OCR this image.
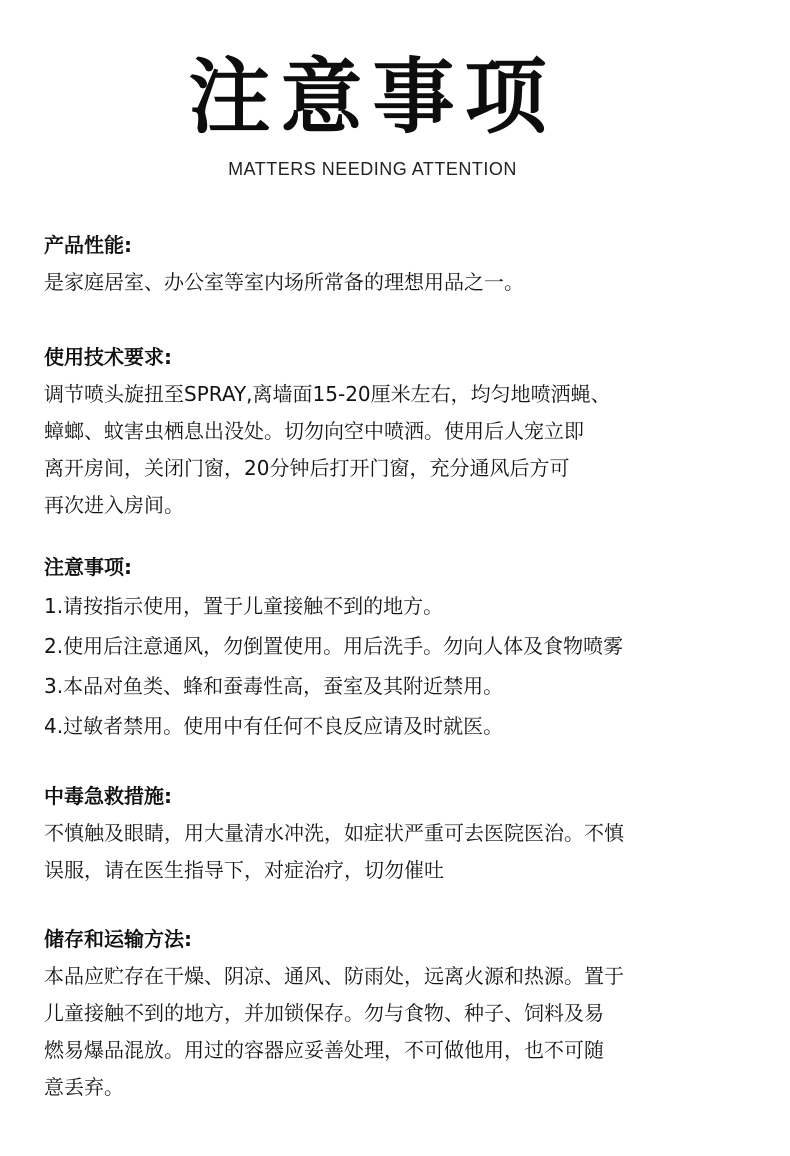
注意事项
MATTERS NEEDING ATTENTION
产品性能:
是家庭居室、办公室等室内场所常备的理想用品之一。
使用技术要求:
调节喷头旋扭至SPRAY,离墙面15-20厘米左右，均匀地喷洒蝇、
蟑螂、蚊害虫栖息出没处。切勿向空中喷洒。使用后人宠立即
离开房间，关闭门窗，20分钟后打开门窗，充分通风后方可
再次进入房间。
注意事项:
1.请按指示使用，置于儿童接触不到的地方。
2.使用后注意通风，勿倒置使用。用后洗手。勿向人体及食物喷雾
3.本品对鱼类、蜂和蚕毒性高，蚕室及其附近禁用。
4.过敏者禁用。使用中有任何不良反应请及时就医。
中毒急救措施:
不慎触及眼睛，用大量清水冲洗，如症状严重可去医院医治。不慎
误服，请在医生指导下，对症治疗，切勿催吐
储存和运输方法:
本品应贮存在干燥、阴凉、通风、防雨处，远离火源和热源。置于
儿童接触不到的地方，并加锁保存。勿与食物、种子、饲料及易
燃易爆品混放。用过的容器应妥善处理，不可做他用，也不可随
意丢弃。
